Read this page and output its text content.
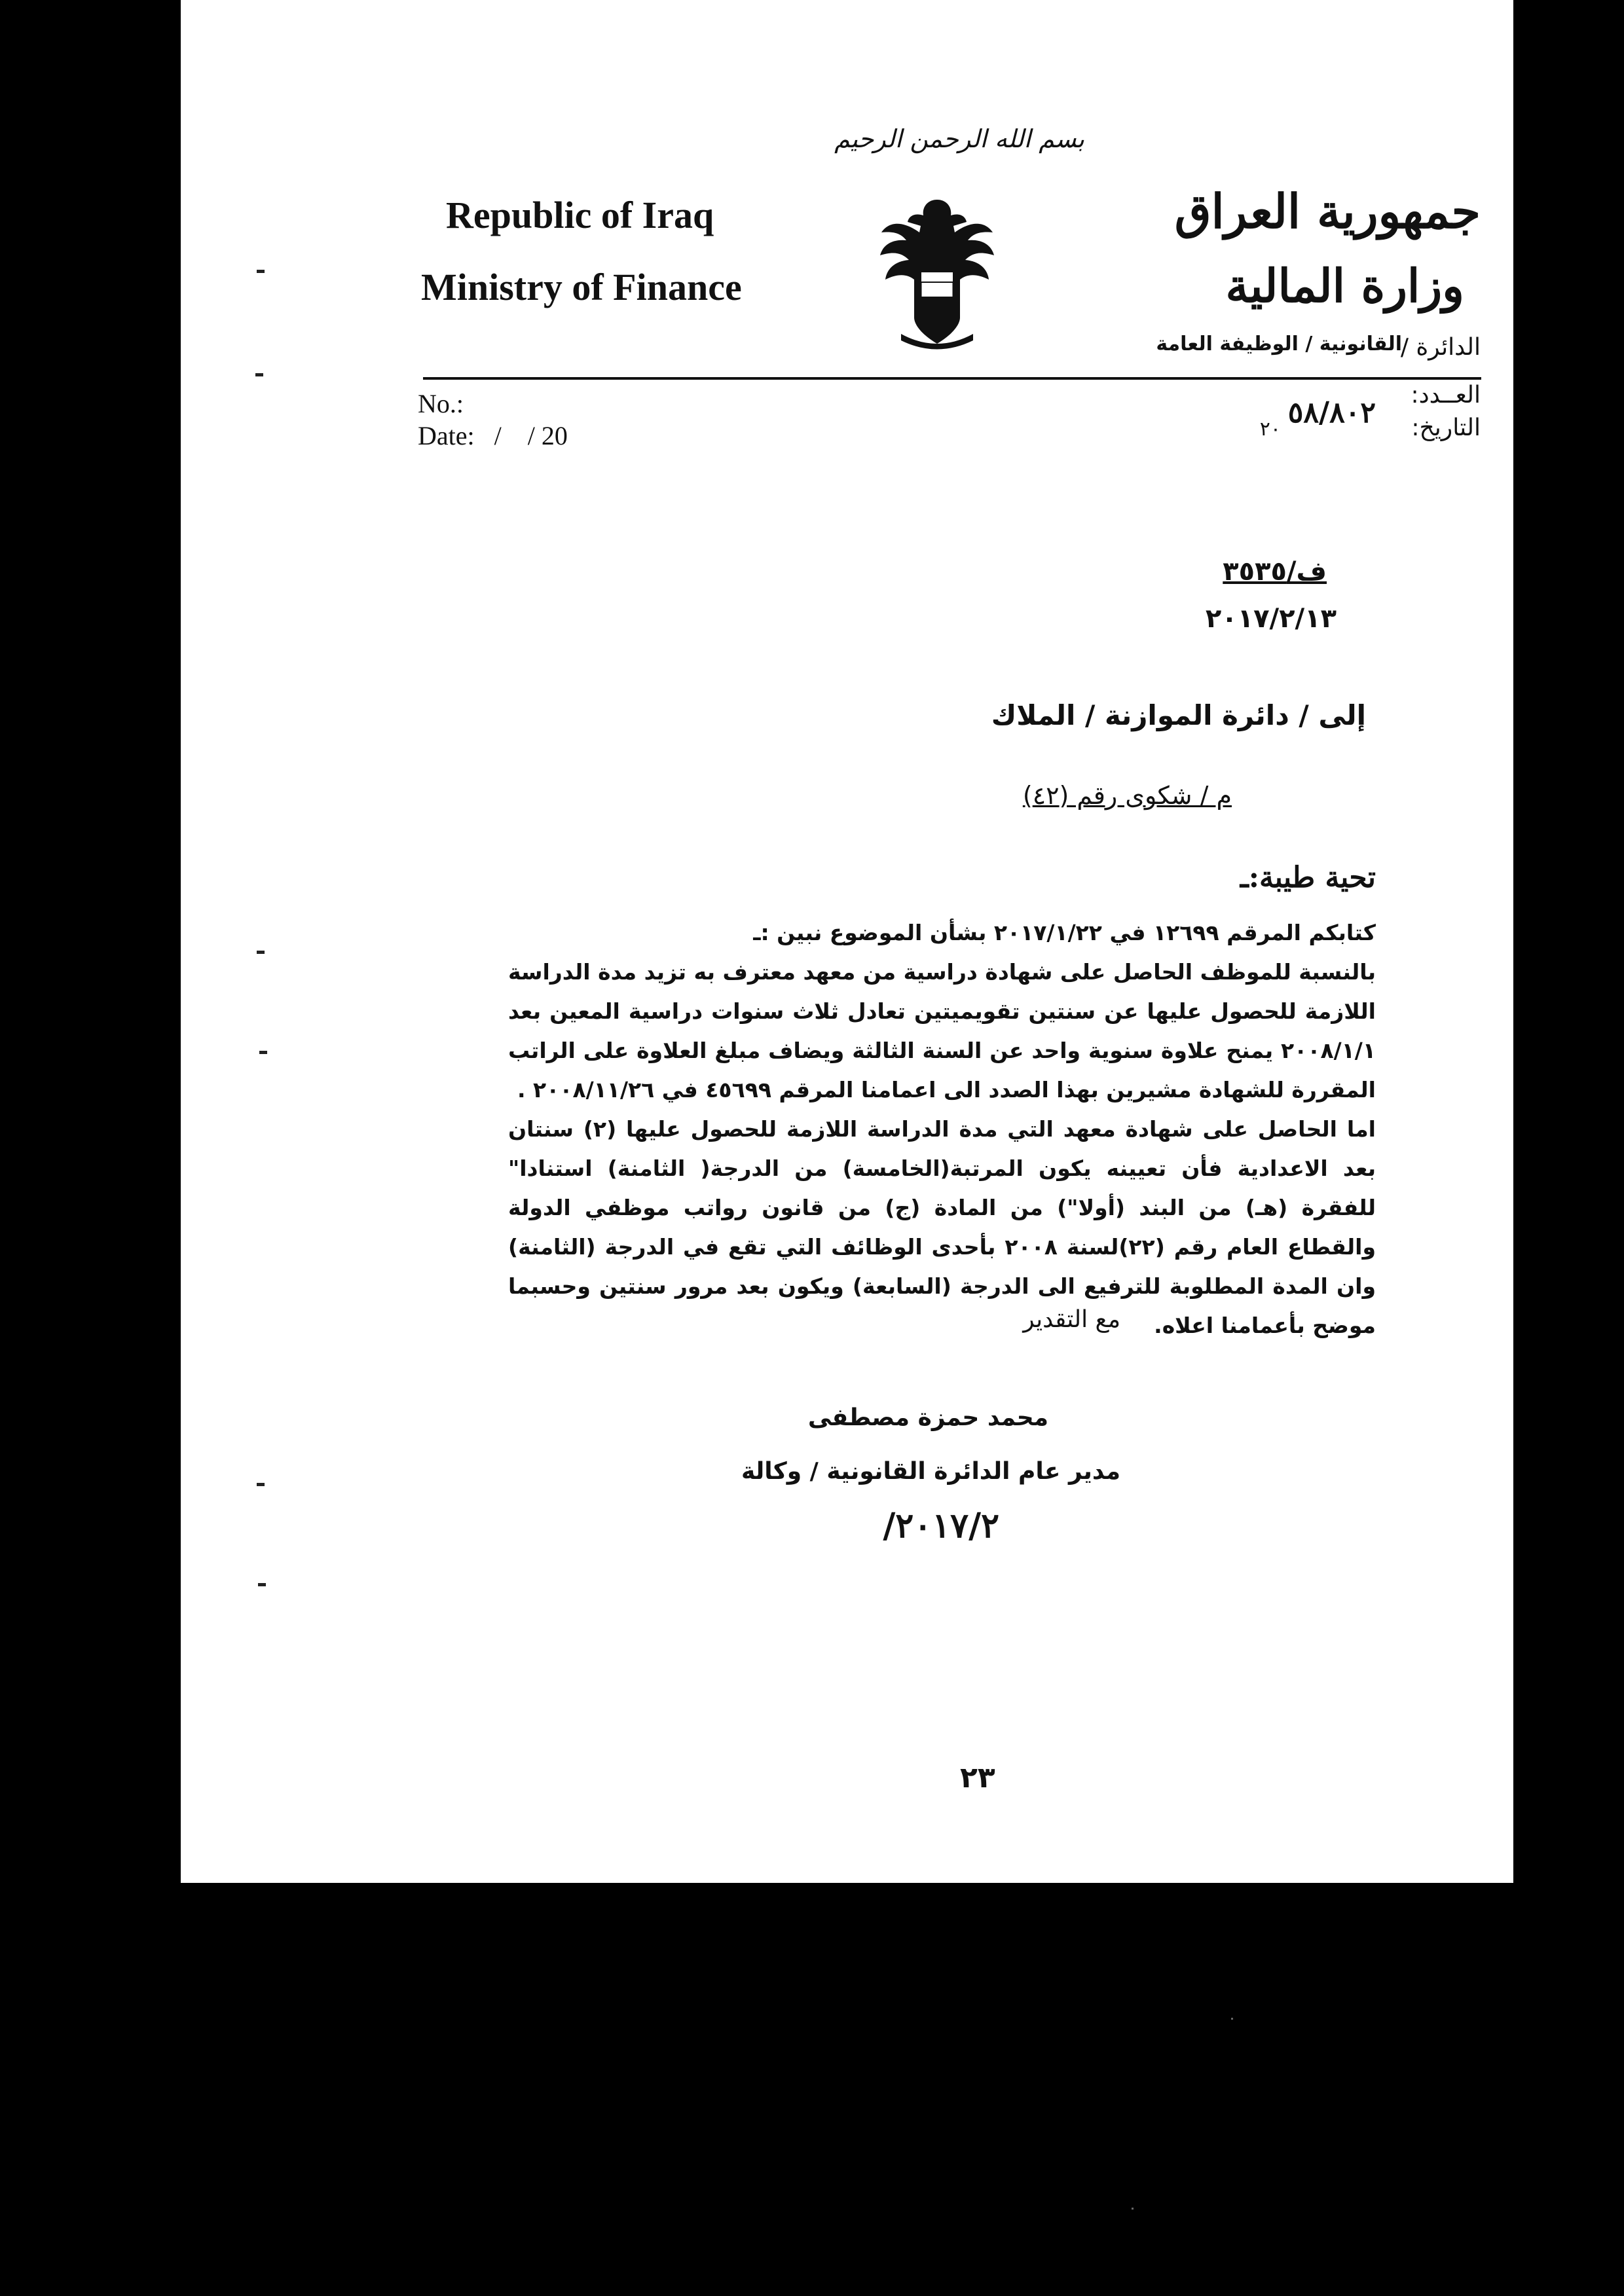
بسم الله الرحمن الرحيم
Republic of Iraq
Ministry of Finance
جمهورية العراق
وزارة المالية
الدائرة /
القانونية / الوظيفة العامة
No.:
Date:   /    / 20
العــدد:
التاريخ:
٥٨/٨٠٢
٢٠
ف/٣٥٣٥
٢٠١٧/٢/١٣
إلى / دائرة الموازنة / الملاك
م / شكوى رقم (٤٢)
تحية طيبة:ـ

كتابكم المرقم ١٢٦٩٩ في ٢٠١٧/١/٢٢ بشأن الموضوع نبين :ـ

بالنسبة للموظف الحاصل على شهادة دراسية من معهد معترف به تزيد مدة الدراسة اللازمة للحصول عليها عن سنتين تقويميتين تعادل ثلاث سنوات دراسية المعين بعد ٢٠٠٨/١/١ يمنح علاوة سنوية واحد عن السنة الثالثة ويضاف مبلغ العلاوة على الراتب المقررة للشهادة مشيرين بهذا الصدد الى اعمامنا المرقم ٤٥٦٩٩ في ٢٠٠٨/١١/٢٦ .

اما الحاصل على شهادة معهد التي مدة الدراسة اللازمة للحصول عليها (٢) سنتان بعد الاعدادية فأن تعيينه يكون المرتبة(الخامسة) من الدرجة( الثامنة) استنادا" للفقرة (هـ) من البند (أولا") من المادة (ج) من قانون رواتب موظفي الدولة والقطاع العام رقم (٢٢)لسنة ٢٠٠٨ بأحدى الوظائف التي تقع في الدرجة (الثامنة) وان المدة المطلوبة للترفيع الى الدرجة (السابعة) ويكون بعد مرور سنتين وحسبما موضح بأعمامنا اعلاه.

مع التقدير
محمد حمزة مصطفى
مدير عام الدائرة القانونية / وكالة
٢٠١٧/٢/
٢٣
